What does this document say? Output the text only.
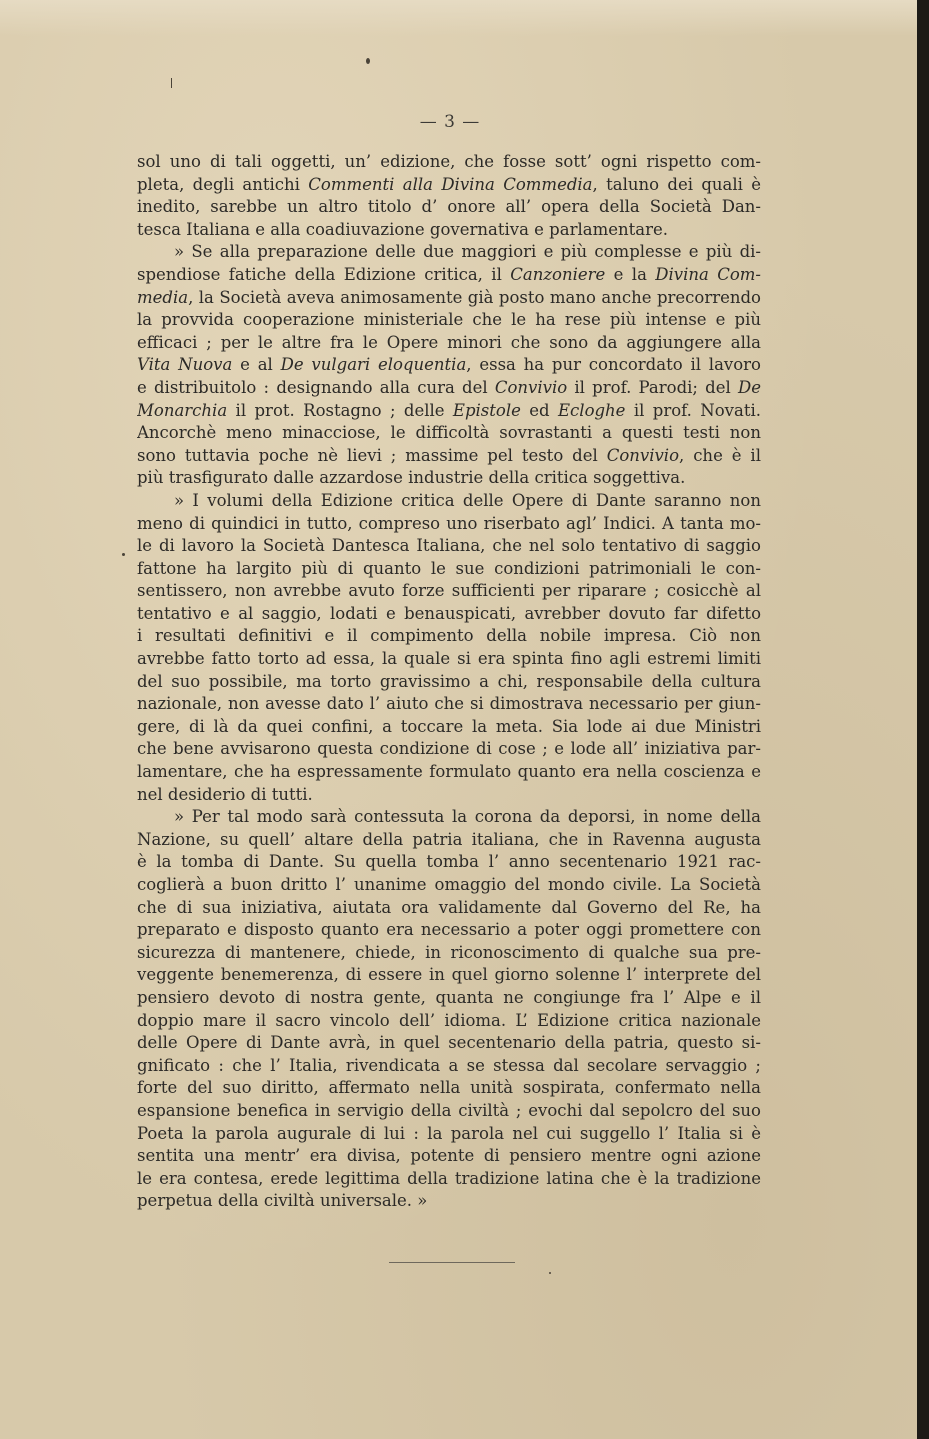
— 3 —
sol uno di tali oggetti, un’ edizione, che fosse sott’ ogni rispetto com-
pleta, degli antichi Commenti alla Divina Commedia, taluno dei quali è
inedito, sarebbe un altro titolo d’ onore all’ opera della Società Dan-
tesca Italiana e alla coadiuvazione governativa e parlamentare.
» Se alla preparazione delle due maggiori e più complesse e più di-
spendiose fatiche della Edizione critica, il Canzoniere e la Divina Com-
media, la Società aveva animosamente già posto mano anche precorrendo
la provvida cooperazione ministeriale che le ha rese più intense e più
efficaci ; per le altre fra le Opere minori che sono da aggiungere alla
Vita Nuova e al De vulgari eloquentia, essa ha pur concordato il lavoro
e distribuitolo : designando alla cura del Convivio il prof. Parodi; del De
Monarchia il prot. Rostagno ; delle Epistole ed Ecloghe il prof. Novati.
Ancorchè meno minacciose, le difficoltà sovrastanti a questi testi non
sono tuttavia poche nè lievi ; massime pel testo del Convivio, che è il
più trasfigurato dalle azzardose industrie della critica soggettiva.
» I volumi della Edizione critica delle Opere di Dante saranno non
meno di quindici in tutto, compreso uno riserbato agl’ Indici. A tanta mo-
le di lavoro la Società Dantesca Italiana, che nel solo tentativo di saggio
fattone ha largito più di quanto le sue condizioni patrimoniali le con-
sentissero, non avrebbe avuto forze sufficienti per riparare ; cosicchè al
tentativo e al saggio, lodati e benauspicati, avrebber dovuto far difetto
i resultati definitivi e il compimento della nobile impresa. Ciò non
avrebbe fatto torto ad essa, la quale si era spinta fino agli estremi limiti
del suo possibile, ma torto gravissimo a chi, responsabile della cultura
nazionale, non avesse dato l’ aiuto che si dimostrava necessario per giun-
gere, di là da quei confini, a toccare la meta. Sia lode ai due Ministri
che bene avvisarono questa condizione di cose ; e lode all’ iniziativa par-
lamentare, che ha espressamente formulato quanto era nella coscienza e
nel desiderio di tutti.
» Per tal modo sarà contessuta la corona da deporsi, in nome della
Nazione, su quell’ altare della patria italiana, che in Ravenna augusta
è la tomba di Dante. Su quella tomba l’ anno secentenario 1921 rac-
coglierà a buon dritto l’ unanime omaggio del mondo civile. La Società
che di sua iniziativa, aiutata ora validamente dal Governo del Re, ha
preparato e disposto quanto era necessario a poter oggi promettere con
sicurezza di mantenere, chiede, in riconoscimento di qualche sua pre-
veggente benemerenza, di essere in quel giorno solenne l’ interprete del
pensiero devoto di nostra gente, quanta ne congiunge fra l’ Alpe e il
doppio mare il sacro vincolo dell’ idioma. L’ Edizione critica nazionale
delle Opere di Dante avrà, in quel secentenario della patria, questo si-
gnificato : che l’ Italia, rivendicata a se stessa dal secolare servaggio ;
forte del suo diritto, affermato nella unità sospirata, confermato nella
espansione benefica in servigio della civiltà ; evochi dal sepolcro del suo
Poeta la parola augurale di lui : la parola nel cui suggello l’ Italia si è
sentita una mentr’ era divisa, potente di pensiero mentre ogni azione
le era contesa, erede legittima della tradizione latina che è la tradizione
perpetua della civiltà universale. »
